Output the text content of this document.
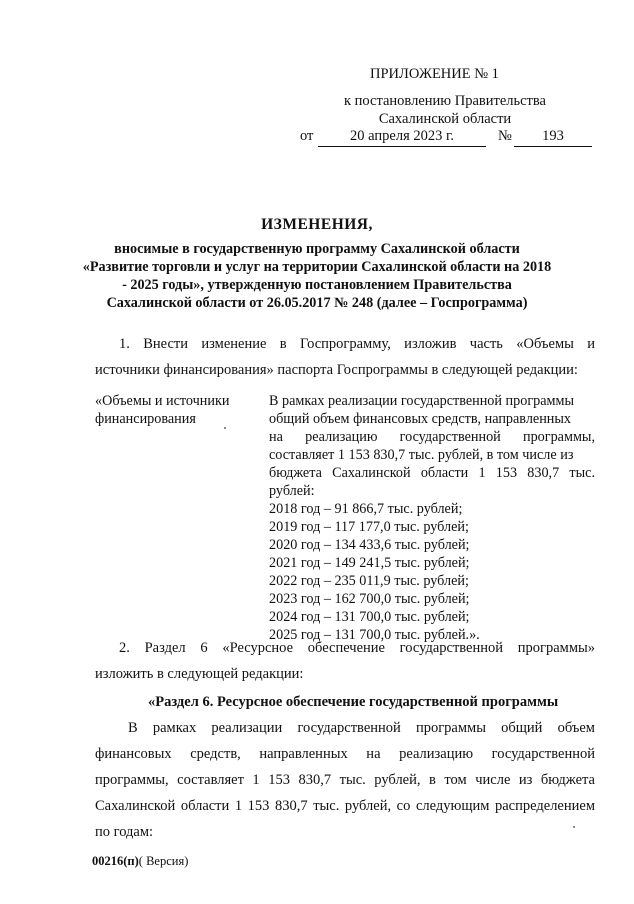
ПРИЛОЖЕНИЕ № 1
к постановлению Правительства
Сахалинской области
от	20 апреля 2023 г.	№	193
ИЗМЕНЕНИЯ,
вносимые в государственную программу Сахалинской области
«Развитие торговли и услуг на территории Сахалинской области на 2018
- 2025 годы», утвержденную постановлением Правительства
Сахалинской области от 26.05.2017 № 248 (далее – Госпрограмма)
1. Внести изменение в Госпрограмму, изложив часть «Объемы и
источники финансирования» паспорта Госпрограммы в следующей редакции:
«Объемы и источники
финансирования
В рамках реализации государственной программы
общий объем финансовых средств, направленных
на реализацию государственной программы,
составляет 1 153 830,7 тыс. рублей, в том числе из
бюджета Сахалинской области 1 153 830,7 тыс.
рублей:
2018 год – 91 866,7 тыс. рублей;
2019 год – 117 177,0 тыс. рублей;
2020 год – 134 433,6 тыс. рублей;
2021 год – 149 241,5 тыс. рублей;
2022 год – 235 011,9 тыс. рублей;
2023 год – 162 700,0 тыс. рублей;
2024 год – 131 700,0 тыс. рублей;
2025 год – 131 700,0 тыс. рублей.».
2. Раздел 6 «Ресурсное обеспечение государственной программы»
изложить в следующей редакции:
«Раздел 6. Ресурсное обеспечение государственной программы
В рамках реализации государственной программы общий объем
финансовых средств, направленных на реализацию государственной
программы, составляет 1 153 830,7 тыс. рублей, в том числе из бюджета
Сахалинской области 1 153 830,7 тыс. рублей, со следующим распределением
по годам:
00216(п)( Версия)
